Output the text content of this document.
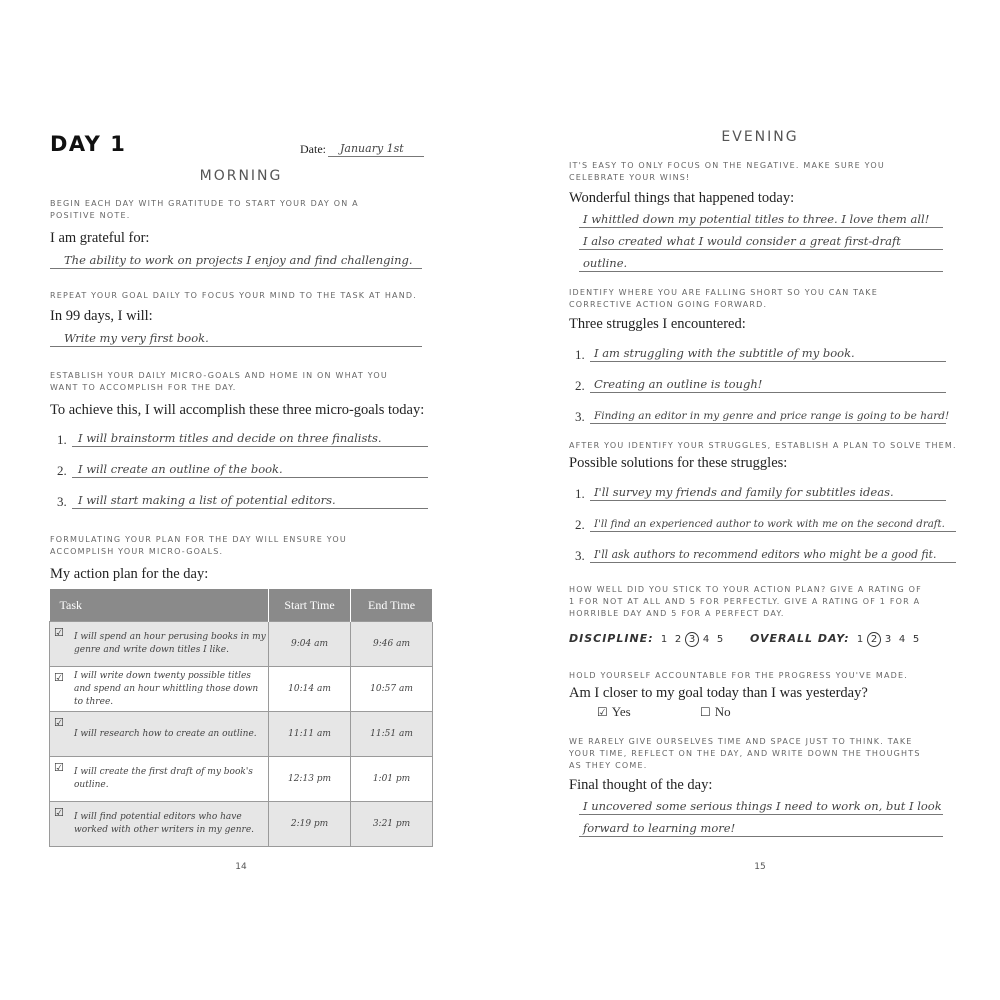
DAY 1	Date: January 1st
MORNING
BEGIN EACH DAY WITH GRATITUDE TO START YOUR DAY ON A
POSITIVE NOTE.
I am grateful for:
The ability to work on projects I enjoy and find challenging.
REPEAT YOUR GOAL DAILY TO FOCUS YOUR MIND TO THE TASK AT HAND.
In 99 days, I will:
Write my very first book.
ESTABLISH YOUR DAILY MICRO-GOALS AND HOME IN ON WHAT YOU
WANT TO ACCOMPLISH FOR THE DAY.
To achieve this, I will accomplish these three micro-goals today:
1. I will brainstorm titles and decide on three finalists.
2. I will create an outline of the book.
3. I will start making a list of potential editors.
FORMULATING YOUR PLAN FOR THE DAY WILL ENSURE YOU
ACCOMPLISH YOUR MICRO-GOALS.
My action plan for the day:
Task	Start Time	End Time

☑ I will spend an hour perusing books in my genre and write down titles I like.	9:04 am	9:46 am

☑ I will write down twenty possible titles and spend an hour whittling those down to three.	10:14 am	10:57 am

☑
I will research how to create an outline.	11:11 am	11:51 am

☑ I will create the first draft of my book's outline.	12:13 pm	1:01 pm

☑ I will find potential editors who have worked with other writers in my genre.	2:19 pm	3:21 pm
14
EVENING
IT'S EASY TO ONLY FOCUS ON THE NEGATIVE. MAKE SURE YOU
CELEBRATE YOUR WINS!
Wonderful things that happened today:
I whittled down my potential titles to three. I love them all!
I also created what I would consider a great first-draft
outline.
IDENTIFY WHERE YOU ARE FALLING SHORT SO YOU CAN TAKE
CORRECTIVE ACTION GOING FORWARD.
Three struggles I encountered:
1. I am struggling with the subtitle of my book.
2. Creating an outline is tough!
3. Finding an editor in my genre and price range is going to be hard!
AFTER YOU IDENTIFY YOUR STRUGGLES, ESTABLISH A PLAN TO SOLVE THEM.
Possible solutions for these struggles:
1. I'll survey my friends and family for subtitles ideas.
2. I'll find an experienced author to work with me on the second draft.
3. I'll ask authors to recommend editors who might be a good fit.
HOW WELL DID YOU STICK TO YOUR ACTION PLAN? GIVE A RATING OF
1 FOR NOT AT ALL AND 5 FOR PERFECTLY. GIVE A RATING OF 1 FOR A
HORRIBLE DAY AND 5 FOR A PERFECT DAY.
DISCIPLINE: 1 2 3 4 5	OVERALL DAY: 1 2 3 4 5
HOLD YOURSELF ACCOUNTABLE FOR THE PROGRESS YOU'VE MADE.
Am I closer to my goal today than I was yesterday?
☑ Yes	☐ No
WE RARELY GIVE OURSELVES TIME AND SPACE JUST TO THINK. TAKE
YOUR TIME, REFLECT ON THE DAY, AND WRITE DOWN THE THOUGHTS
AS THEY COME.
Final thought of the day:
I uncovered some serious things I need to work on, but I look
forward to learning more!
15
